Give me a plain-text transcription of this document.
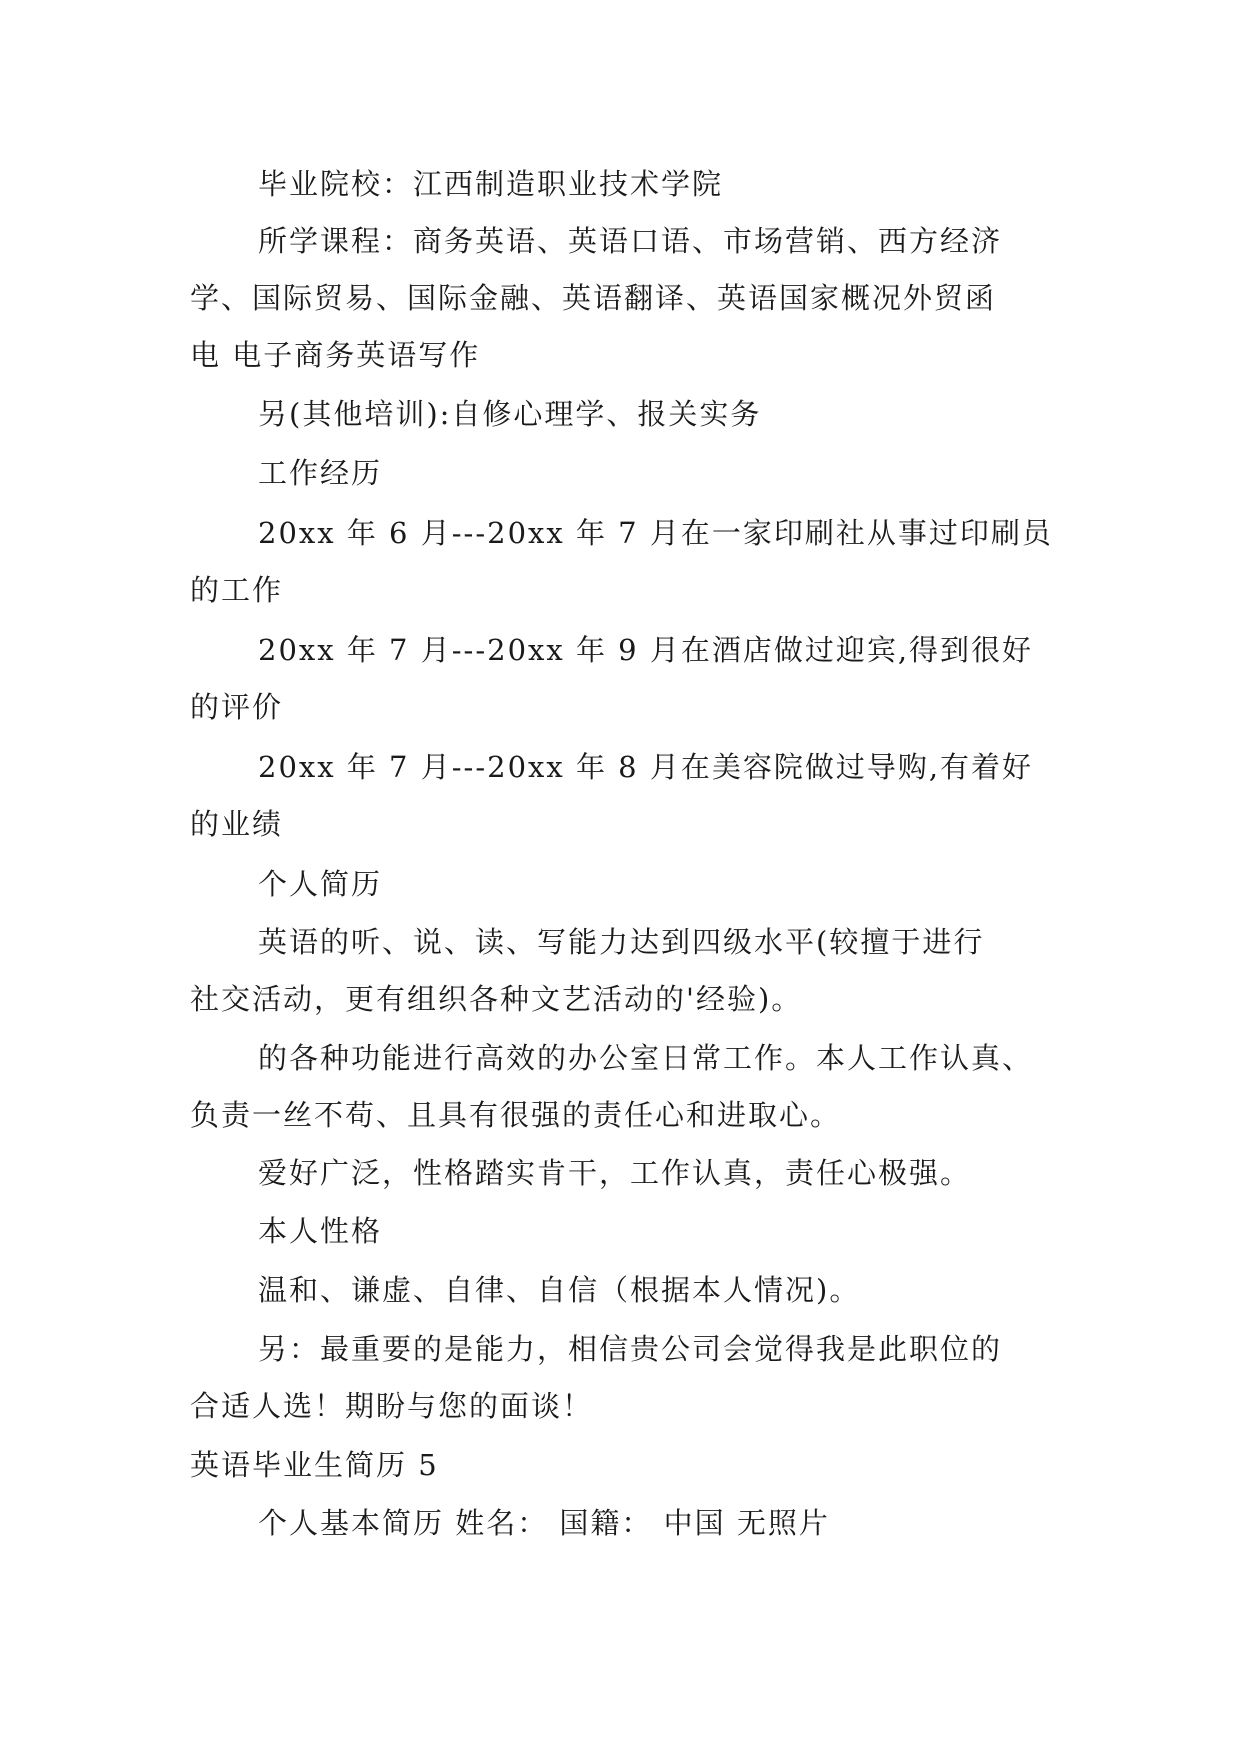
毕业院校：江西制造职业技术学院
所学课程：商务英语、英语口语、市场营销、西方经济
学、国际贸易、国际金融、英语翻译、英语国家概况外贸函
电 电子商务英语写作
另(其他培训):自修心理学、报关实务
工作经历
20xx 年 6 月---20xx 年 7 月在一家印刷社从事过印刷员
的工作
20xx 年 7 月---20xx 年 9 月在酒店做过迎宾,得到很好
的评价
20xx 年 7 月---20xx 年 8 月在美容院做过导购,有着好
的业绩
个人简历
英语的听、说、读、写能力达到四级水平(较擅于进行
社交活动，更有组织各种文艺活动的'经验)。
的各种功能进行高效的办公室日常工作。本人工作认真、
负责一丝不苟、且具有很强的责任心和进取心。
爱好广泛，性格踏实肯干，工作认真，责任心极强。
本人性格
温和、谦虚、自律、自信（根据本人情况)。
另：最重要的是能力，相信贵公司会觉得我是此职位的
合适人选！期盼与您的面谈！
英语毕业生简历 5
个人基本简历 姓名： 国籍： 中国 无照片
